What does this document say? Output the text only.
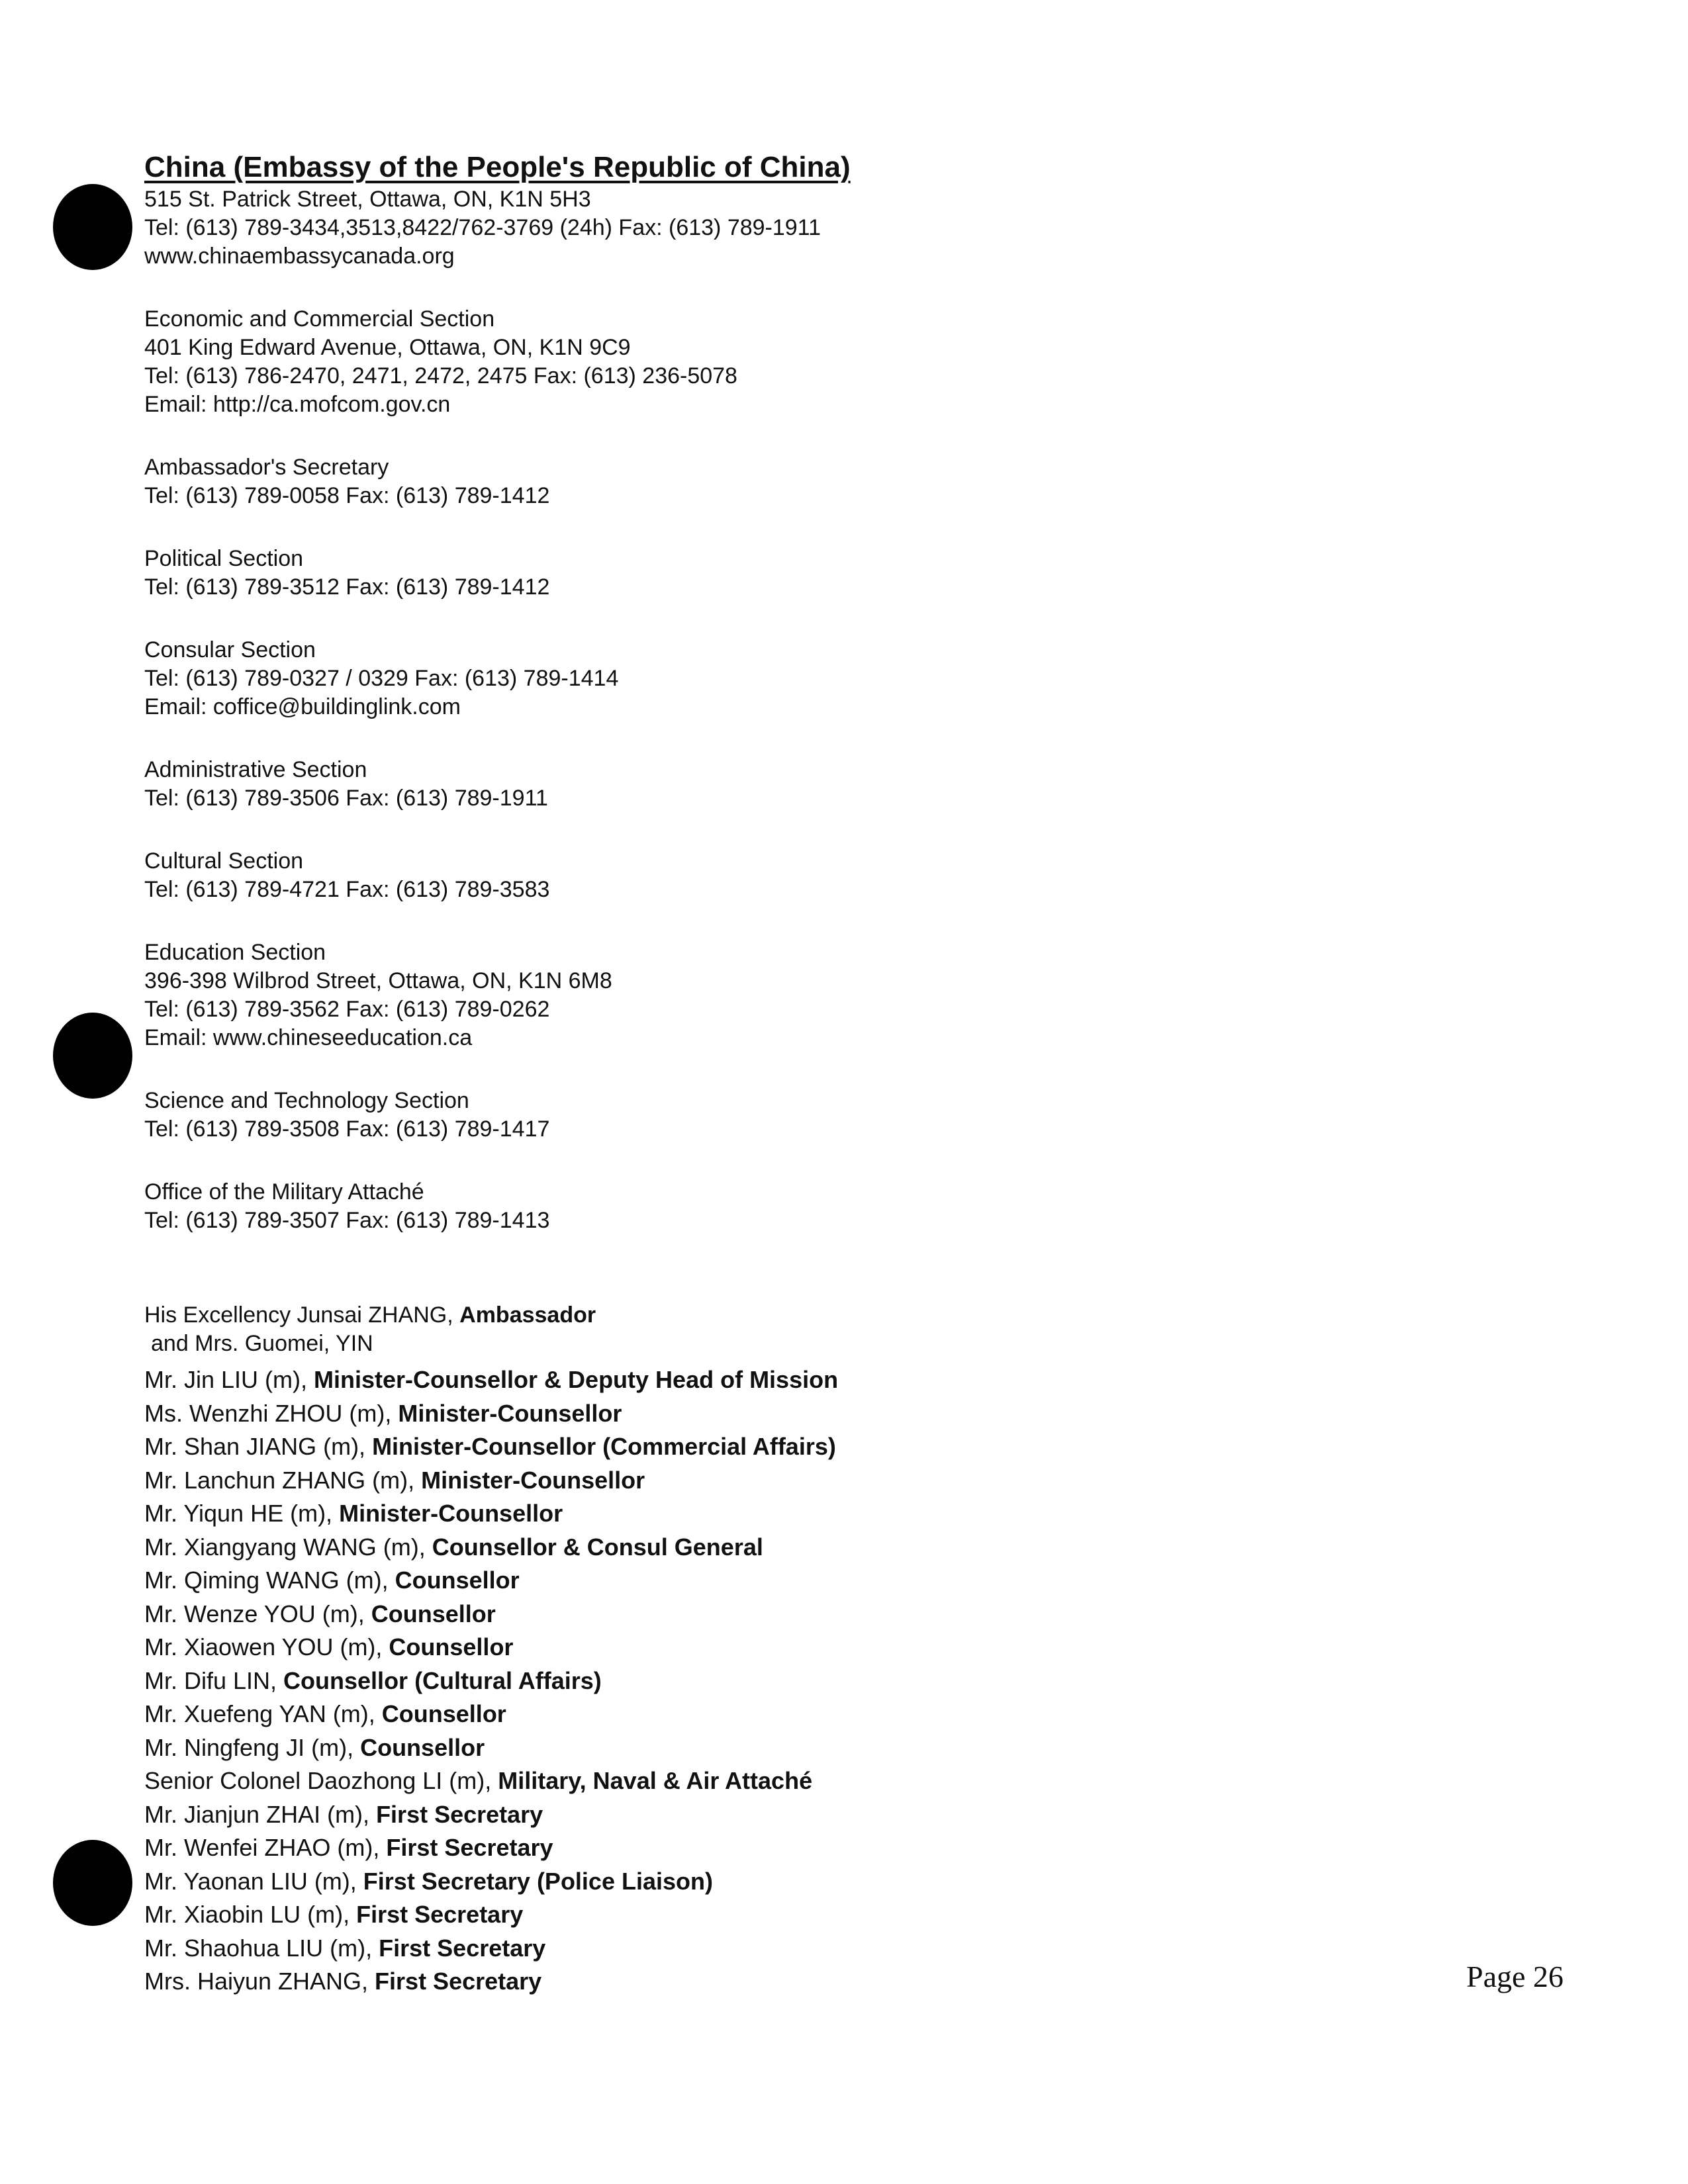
China (Embassy of the People's Republic of China)
515 St. Patrick Street, Ottawa, ON, K1N 5H3
Tel: (613) 789-3434,3513,8422/762-3769 (24h) Fax: (613) 789-1911
www.chinaembassycanada.org
Economic and Commercial Section
401 King Edward Avenue, Ottawa, ON, K1N 9C9
Tel: (613) 786-2470, 2471, 2472, 2475 Fax: (613) 236-5078
Email: http://ca.mofcom.gov.cn
Ambassador's Secretary
Tel: (613) 789-0058 Fax: (613) 789-1412
Political Section
Tel: (613) 789-3512 Fax: (613) 789-1412
Consular Section
Tel: (613) 789-0327 / 0329 Fax: (613) 789-1414
Email: coffice@buildinglink.com
Administrative Section
Tel: (613) 789-3506 Fax: (613) 789-1911
Cultural Section
Tel: (613) 789-4721 Fax: (613) 789-3583
Education Section
396-398 Wilbrod Street, Ottawa, ON, K1N 6M8
Tel: (613) 789-3562 Fax: (613) 789-0262
Email: www.chineseeducation.ca
Science and Technology Section
Tel: (613) 789-3508 Fax: (613) 789-1417
Office of the Military Attaché
Tel: (613) 789-3507 Fax: (613) 789-1413
His Excellency Junsai ZHANG, Ambassador
and Mrs. Guomei, YIN
Mr. Jin LIU (m), Minister-Counsellor & Deputy Head of Mission
Ms. Wenzhi ZHOU (m), Minister-Counsellor
Mr. Shan JIANG (m), Minister-Counsellor (Commercial Affairs)
Mr. Lanchun ZHANG (m), Minister-Counsellor
Mr. Yiqun HE (m), Minister-Counsellor
Mr. Xiangyang WANG (m), Counsellor & Consul General
Mr. Qiming WANG (m), Counsellor
Mr. Wenze YOU (m), Counsellor
Mr. Xiaowen YOU (m), Counsellor
Mr. Difu LIN, Counsellor (Cultural Affairs)
Mr. Xuefeng YAN (m), Counsellor
Mr. Ningfeng JI (m), Counsellor
Senior Colonel Daozhong LI (m), Military, Naval & Air Attaché
Mr. Jianjun ZHAI (m), First Secretary
Mr. Wenfei ZHAO (m), First Secretary
Mr. Yaonan LIU (m), First Secretary (Police Liaison)
Mr. Xiaobin LU (m), First Secretary
Mr. Shaohua LIU (m), First Secretary
Mrs. Haiyun ZHANG, First Secretary	Page 26
